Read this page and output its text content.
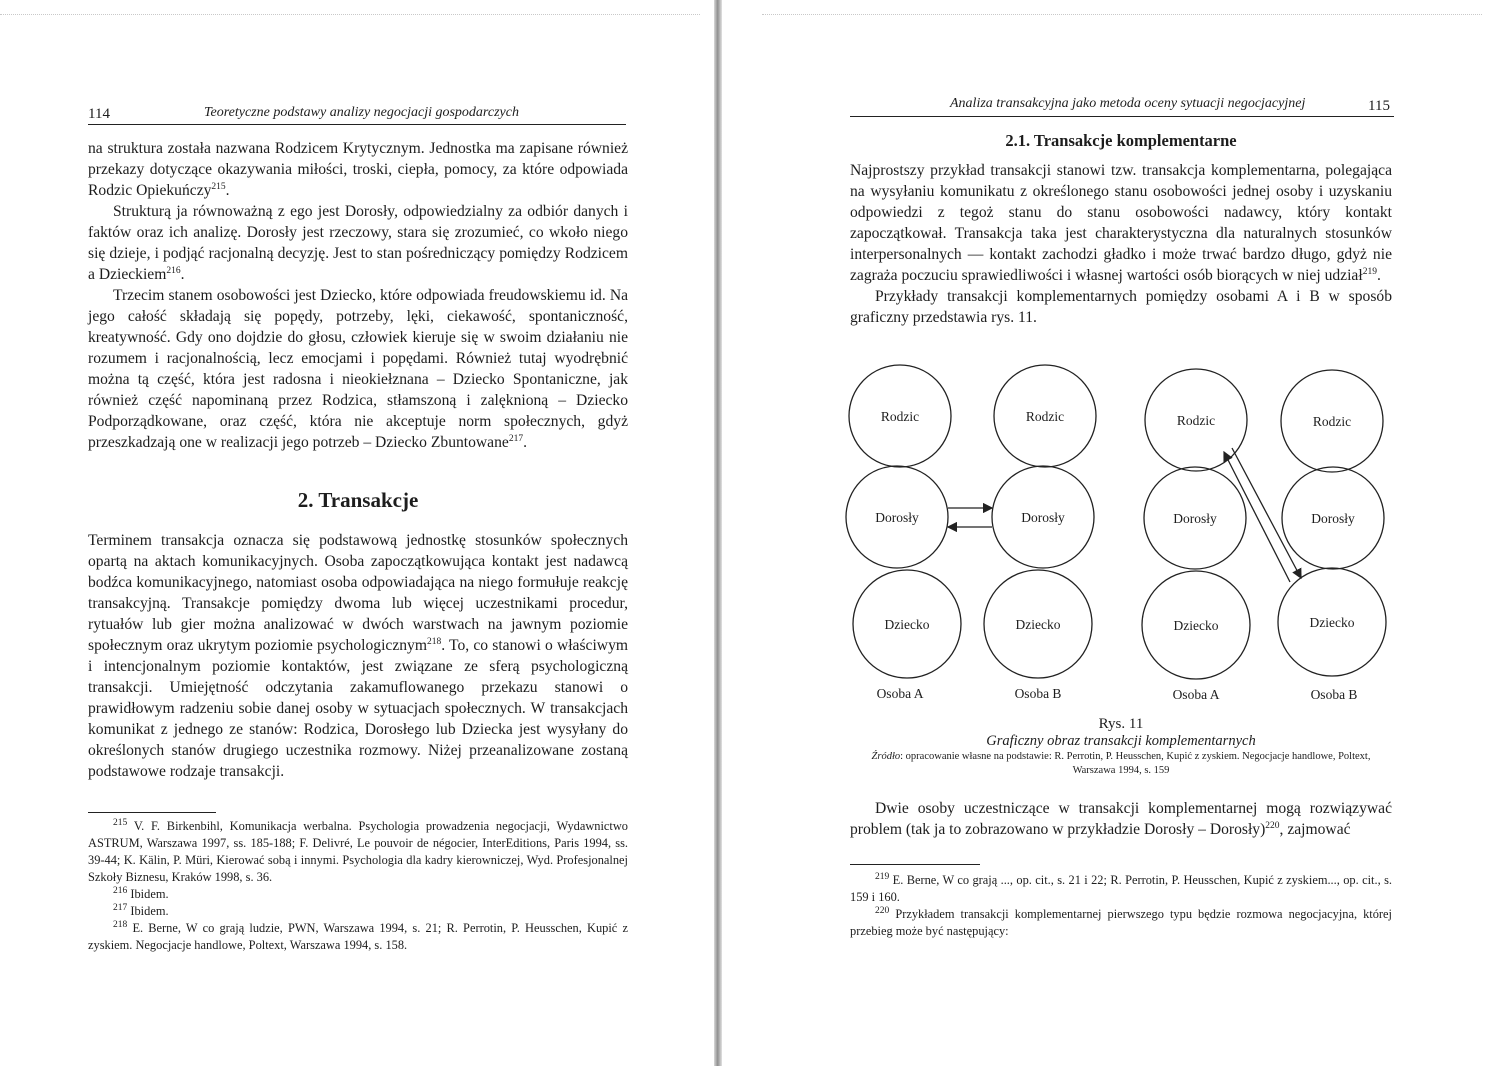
114	Teoretyczne podstawy analizy negocjacji gospodarczych

na struktura została nazwana Rodzicem Krytycznym. Jednostka ma zapisane również przekazy dotyczące okazywania miłości, troski, ciepła, pomocy, za które odpowiada Rodzic Opiekuńczy$^{215}$.

Strukturą ja równoważną z ego jest Dorosły, odpowiedzialny za odbiór danych i faktów oraz ich analizę. Dorosły jest rzeczowy, stara się zrozumieć, co wkoło niego się dzieje, i podjąć racjonalną decyzję. Jest to stan pośredniczący pomiędzy Rodzicem a Dzieckiem$^{216}$.

Trzecim stanem osobowości jest Dziecko, które odpowiada freudowskiemu id. Na jego całość składają się popędy, potrzeby, lęki, ciekawość, spontaniczność, kreatywność. Gdy ono dojdzie do głosu, człowiek kieruje się w swoim działaniu nie rozumem i racjonalnością, lecz emocjami i popędami. Również tutaj wyodrębnić można tą część, która jest radosna i nieokiełznana – Dziecko Spontaniczne, jak również część napominaną przez Rodzica, stłamszoną i zalęknioną – Dziecko Podporządkowane, oraz część, która nie akceptuje norm społecznych, gdyż przeszkadzają one w realizacji jego potrzeb – Dziecko Zbuntowane$^{217}$.

2. Transakcje

Terminem transakcja oznacza się podstawową jednostkę stosunków społecznych opartą na aktach komunikacyjnych. Osoba zapoczątkowująca kontakt jest nadawcą bodźca komunikacyjnego, natomiast osoba odpowiadająca na niego formułuje reakcję transakcyjną. Transakcje pomiędzy dwoma lub więcej uczestnikami procedur, rytuałów lub gier można analizować w dwóch warstwach na jawnym poziomie społecznym oraz ukrytym poziomie psychologicznym$^{218}$. To, co stanowi o właściwym i intencjonalnym poziomie kontaktów, jest związane ze sferą psychologiczną transakcji. Umiejętność odczytania zakamuflowanego przekazu stanowi o prawidłowym radzeniu sobie danej osoby w sytuacjach społecznych. W transakcjach komunikat z jednego ze stanów: Rodzica, Dorosłego lub Dziecka jest wysyłany do określonych stanów drugiego uczestnika rozmowy. Niżej przeanalizowane zostaną podstawowe rodzaje transakcji.

$^{215}$ V. F. Birkenbihl, Komunikacja werbalna. Psychologia prowadzenia negocjacji, Wydawnictwo ASTRUM, Warszawa 1997, ss. 185-188; F. Delivré, Le pouvoir de négocier, InterEditions, Paris 1994, ss. 39-44; K. Kälin, P. Müri, Kierować sobą i innymi. Psychologia dla kadry kierowniczej, Wyd. Profesjonalnej Szkoły Biznesu, Kraków 1998, s. 36.

$^{216}$ Ibidem.

$^{217}$ Ibidem.

$^{218}$ E. Berne, W co grają ludzie, PWN, Warszawa 1994, s. 21; R. Perrotin, P. Heusschen, Kupić z zyskiem. Negocjacje handlowe, Poltext, Warszawa 1994, s. 158.

Analiza transakcyjna jako metoda oceny sytuacji negocjacyjnej	115
2.1. Transakcje komplementarne

Najprostszy przykład transakcji stanowi tzw. transakcja komplementarna, polegająca na wysyłaniu komunikatu z określonego stanu osobowości jednej osoby i uzyskaniu odpowiedzi z tegoż stanu do stanu osobowości nadawcy, który kontakt zapoczątkował. Transakcja taka jest charakterystyczna dla naturalnych stosunków interpersonalnych — kontakt zachodzi gładko i może trwać bardzo długo, gdyż nie zagraża poczuciu sprawiedliwości i własnej wartości osób biorących w niej udział$^{219}$.

Przykłady transakcji komplementarnych pomiędzy osobami A i B w sposób graficzny przedstawia rys. 11.

Rodzic
Dorosły
Dziecko
Rodzic
Dorosły
Dziecko
Rodzic
Dorosły
Dziecko
Rodzic
Dorosły
Dziecko
Osoba A	Osoba B	Osoba A	Osoba B
Rys. 11
Graficzny obraz transakcji komplementarnych
Źródło: opracowanie własne na podstawie: R. Perrotin, P. Heusschen, Kupić z zyskiem. Negocjacje handlowe, Poltext, Warszawa 1994, s. 159

Dwie osoby uczestniczące w transakcji komplementarnej mogą rozwiązywać problem (tak ja to zobrazowano w przykładzie Dorosły – Dorosły)$^{220}$, zajmować

$^{219}$ E. Berne, W co grają ..., op. cit., s. 21 i 22; R. Perrotin, P. Heusschen, Kupić z zyskiem..., op. cit., s. 159 i 160.

$^{220}$ Przykładem transakcji komplementarnej pierwszego typu będzie rozmowa negocjacyjna, której przebieg może być następujący:
